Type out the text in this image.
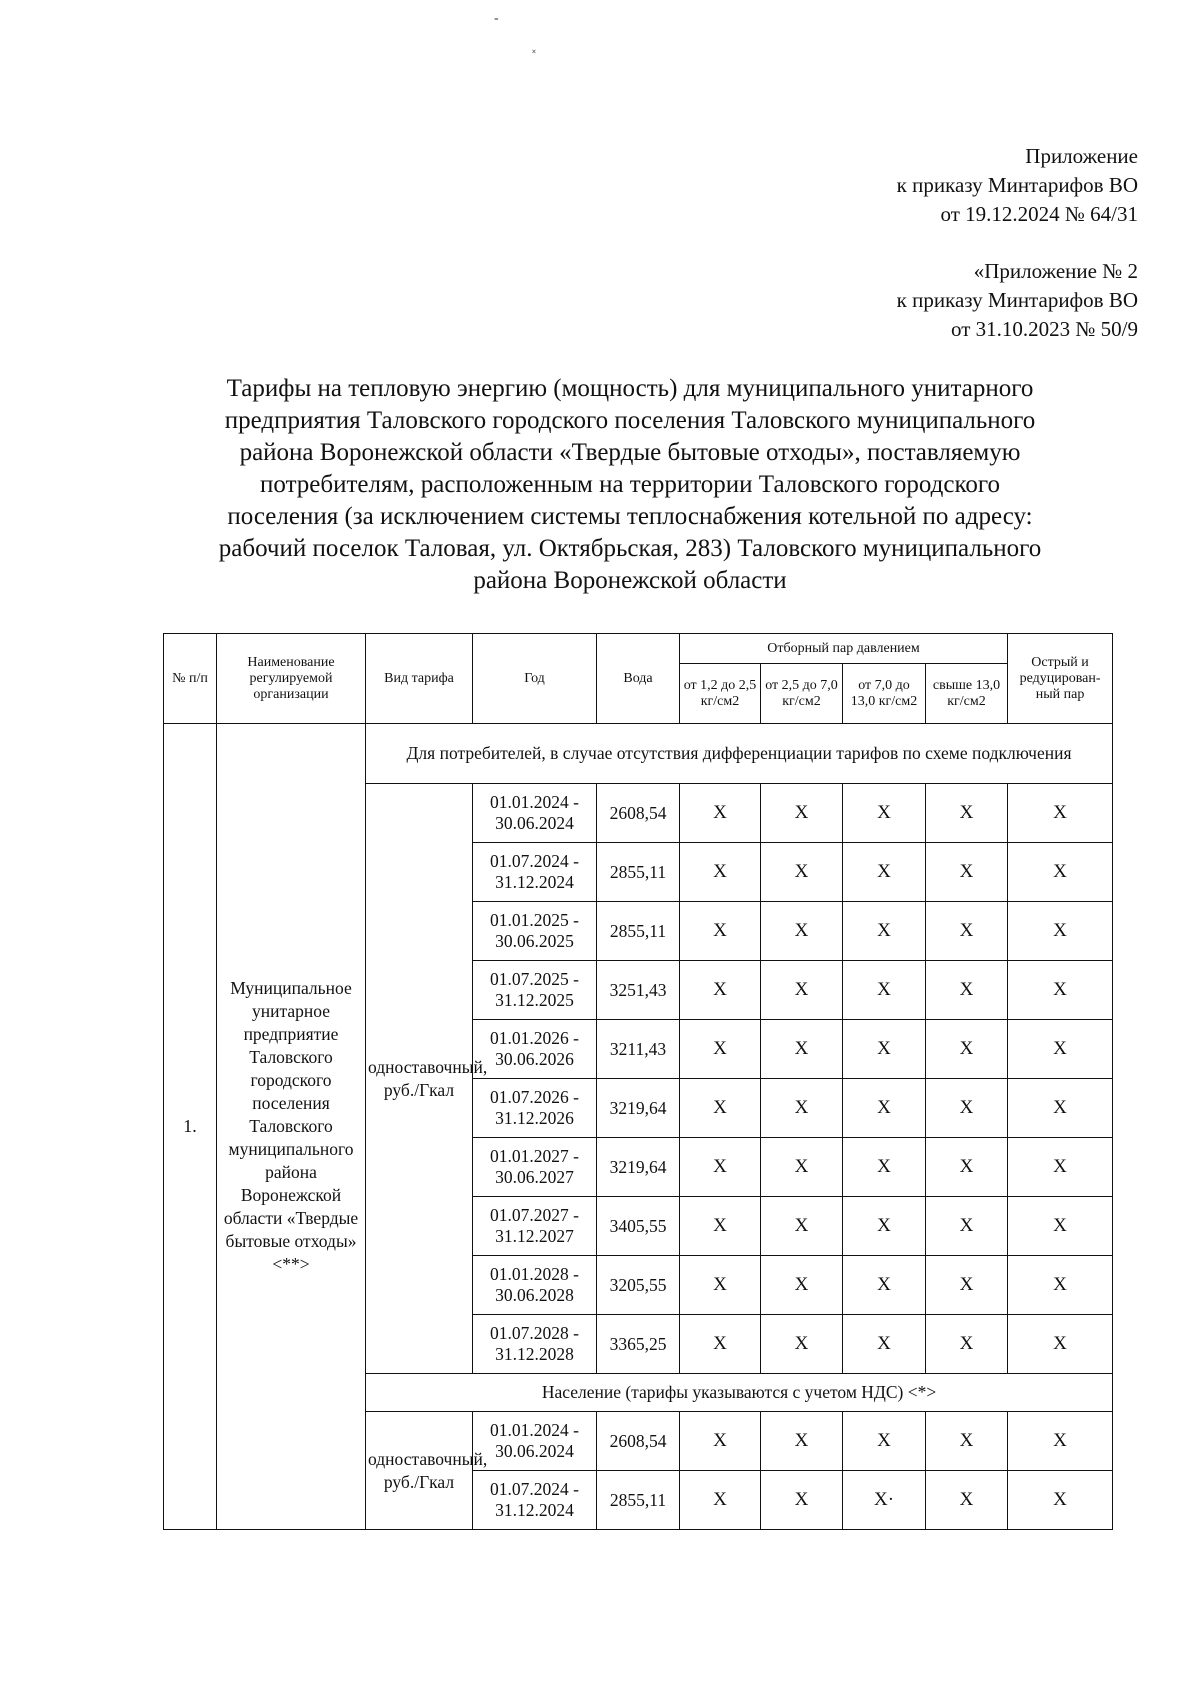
-
˟
Приложение
к приказу Минтарифов ВО
от 19.12.2024 № 64/31
«Приложение № 2
к приказу Минтарифов ВО
от 31.10.2023 № 50/9
Тарифы на тепловую энергию (мощность) для муниципального унитарного
предприятия Таловского городского поселения Таловского муниципального
района Воронежской области «Твердые бытовые отходы», поставляемую
потребителям, расположенным на территории Таловского городского
поселения (за исключением системы теплоснабжения котельной по адресу:
рабочий поселок Таловая, ул. Октябрьская, 283) Таловского муниципального
района Воронежской области
№ п/п	Наименование регулируемой организации	Вид тарифа	Год	Вода	Отборный пар давлением				Острый и редуцирован-ный пар
					от 1,2 до 2,5 кг/см2	от 2,5 до 7,0 кг/см2	от 7,0 до 13,0 кг/см2	свыше 13,0 кг/см2	
1.	Муниципальное унитарное предприятие Таловского городского поселения Таловского муниципального района Воронежской области «Твердые бытовые отходы» <**>	Для потребителей, в случае отсутствия дифференциации тарифов по схеме подключения							
		одноставочный, руб./Гкал	01.01.2024 - 30.06.2024	2608,54	X	X	X	X	X
			01.07.2024 - 31.12.2024	2855,11	X	X	X	X	X
			01.01.2025 - 30.06.2025	2855,11	X	X	X	X	X
			01.07.2025 - 31.12.2025	3251,43	X	X	X	X	X
			01.01.2026 - 30.06.2026	3211,43	X	X	X	X	X
			01.07.2026 - 31.12.2026	3219,64	X	X	X	X	X
			01.01.2027 - 30.06.2027	3219,64	X	X	X	X	X
			01.07.2027 - 31.12.2027	3405,55	X	X	X	X	X
			01.01.2028 - 30.06.2028	3205,55	X	X	X	X	X
			01.07.2028 - 31.12.2028	3365,25	X	X	X	X	X
		Население (тарифы указываются с учетом НДС) <*>							
		одноставочный, руб./Гкал	01.01.2024 - 30.06.2024	2608,54	X	X	X	X	X
			01.07.2024 - 31.12.2024	2855,11	X	X	X·	X	X
